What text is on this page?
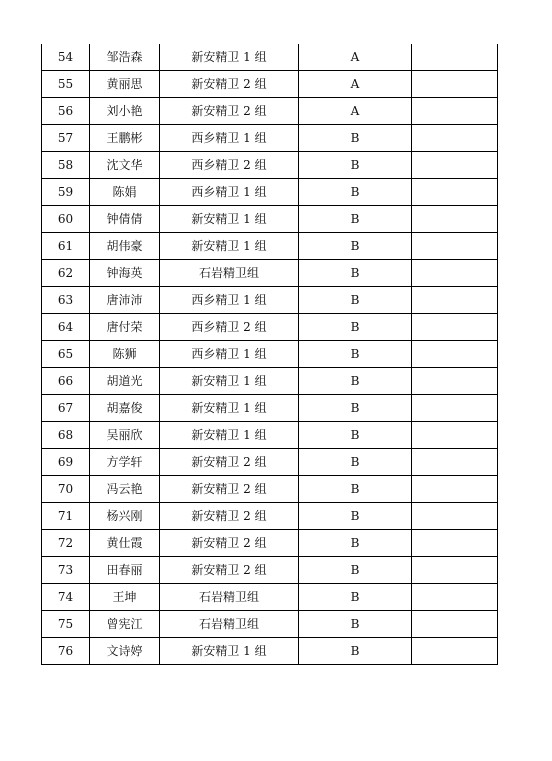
54	邹浩森	新安精卫 1 组	A	
55	黄丽思	新安精卫 2 组	A	
56	刘小艳	新安精卫 2 组	A	
57	王鹏彬	西乡精卫 1 组	B	
58	沈文华	西乡精卫 2 组	B	
59	陈娟	西乡精卫 1 组	B	
60	钟倩倩	新安精卫 1 组	B	
61	胡伟豪	新安精卫 1 组	B	
62	钟海英	石岩精卫组	B	
63	唐沛沛	西乡精卫 1 组	B	
64	唐付荣	西乡精卫 2 组	B	
65	陈狮	西乡精卫 1 组	B	
66	胡道光	新安精卫 1 组	B	
67	胡嘉俊	新安精卫 1 组	B	
68	吴丽欣	新安精卫 1 组	B	
69	方学轩	新安精卫 2 组	B	
70	冯云艳	新安精卫 2 组	B	
71	杨兴刚	新安精卫 2 组	B	
72	黄仕霞	新安精卫 2 组	B	
73	田春丽	新安精卫 2 组	B	
74	王坤	石岩精卫组	B	
75	曾宪江	石岩精卫组	B	
76	文诗婷	新安精卫 1 组	B	
